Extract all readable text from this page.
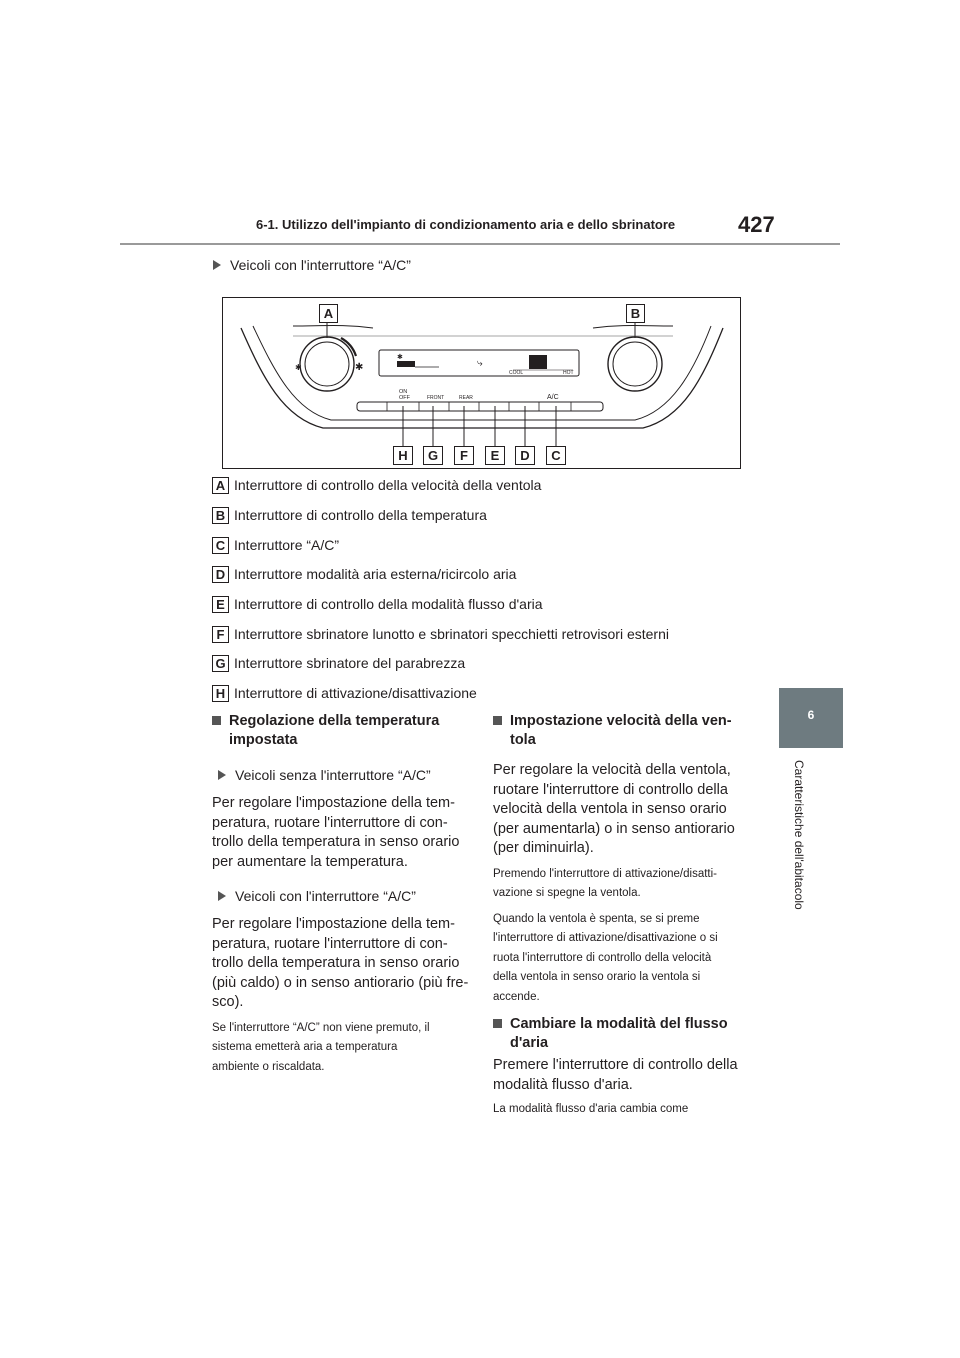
6-1. Utilizzo dell'impianto di condizionamento aria e dello sbrinatore	427
6
Caratteristiche dell'abitacolo
Veicoli con l'interruttore “A/C”
✱	✱
✱
⤷
COOL	HOT
ON
OFF	FRONT	REAR	A/C
A	B
H	G	F	E	D	C
A Interruttore di controllo della velocità della ventola
B Interruttore di controllo della temperatura
C Interruttore “A/C”
D Interruttore modalità aria esterna/ricircolo aria
E Interruttore di controllo della modalità flusso d'aria
F Interruttore sbrinatore lunotto e sbrinatori specchietti retrovisori esterni
G Interruttore sbrinatore del parabrezza
H Interruttore di attivazione/disattivazione
Regolazione della temperatura
impostata
Veicoli senza l'interruttore “A/C”
Per regolare l'impostazione della tem-
peratura, ruotare l'interruttore di con-
trollo della temperatura in senso orario
per aumentare la temperatura.
Veicoli con l'interruttore “A/C”
Per regolare l'impostazione della tem-
peratura, ruotare l'interruttore di con-
trollo della temperatura in senso orario
(più caldo) o in senso antiorario (più fre-
sco).
Se l'interruttore “A/C” non viene premuto, il
sistema emetterà aria a temperatura
ambiente o riscaldata.
Impostazione velocità della ven-
tola
Per regolare la velocità della ventola,
ruotare l'interruttore di controllo della
velocità della ventola in senso orario
(per aumentarla) o in senso antiorario
(per diminuirla).
Premendo l'interruttore di attivazione/disatti-
vazione si spegne la ventola.
Quando la ventola è spenta, se si preme
l'interruttore di attivazione/disattivazione o si
ruota l'interruttore di controllo della velocità
della ventola in senso orario la ventola si
accende.
Cambiare la modalità del flusso
d'aria
Premere l'interruttore di controllo della
modalità flusso d'aria.
La modalità flusso d'aria cambia come
